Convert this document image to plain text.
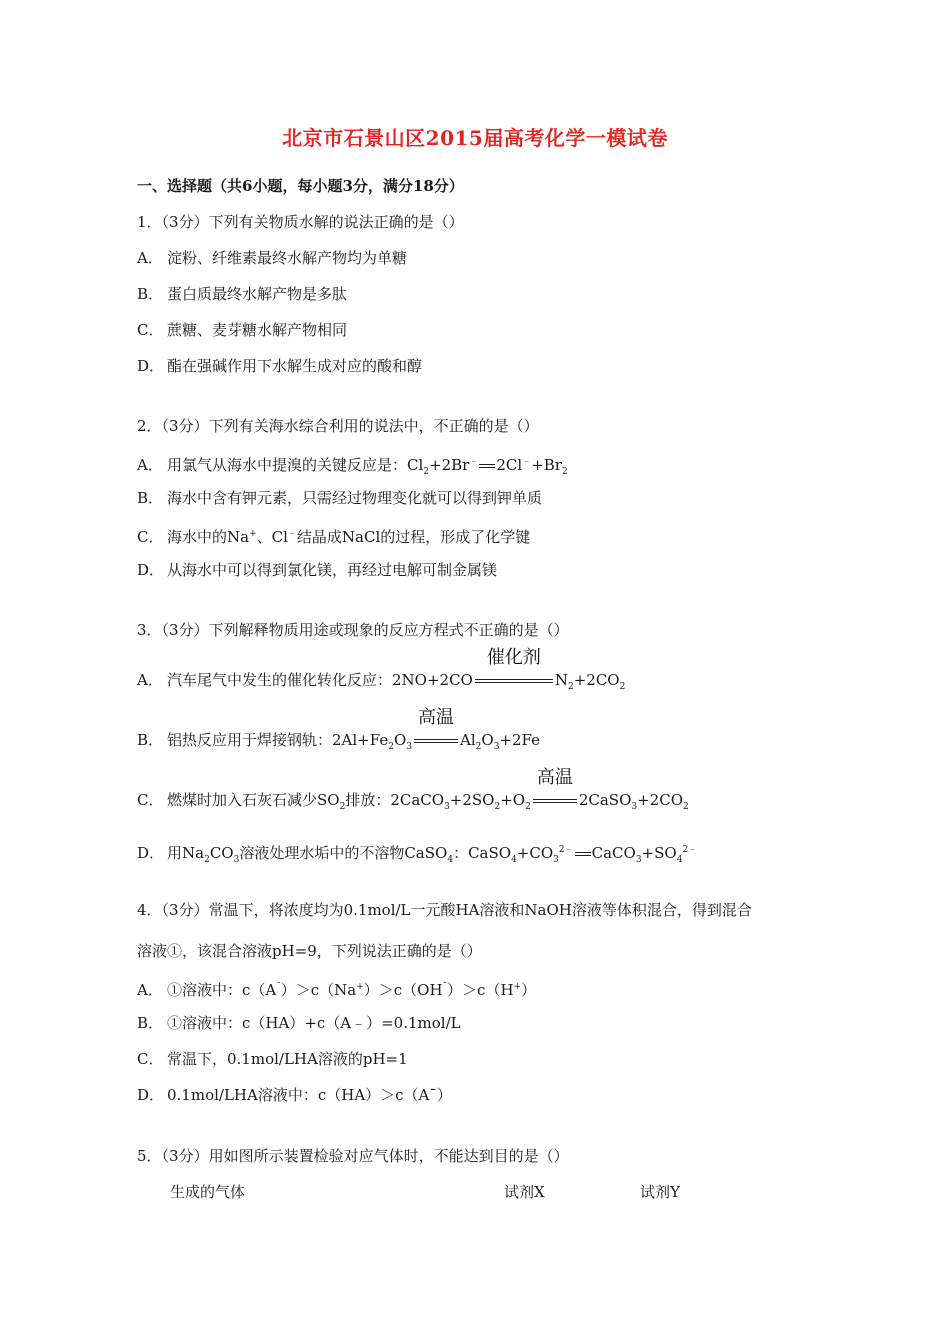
北京市石景山区2015届高考化学一模试卷
一、选择题（共6小题，每小题3分，满分18分）
1．（3分）下列有关物质水解的说法正确的是（）
A． 淀粉、纤维素最终水解产物均为单糖
B． 蛋白质最终水解产物是多肽
C． 蔗糖、麦芽糖水解产物相同
D． 酯在强碱作用下水解生成对应的酸和醇
2．（3分）下列有关海水综合利用的说法中，不正确的是（）
A． 用氯气从海水中提溴的关键反应是：$Cl_2+2Br^﹣$ $2Cl^﹣+Br_2$
B． 海水中含有钾元素，只需经过物理变化就可以得到钾单质
C． 海水中的Na+、Cl﹣结晶成NaCl的过程，形成了化学键
D． 从海水中可以得到氯化镁，再经过电解可制金属镁
3．（3分）下列解释物质用途或现象的反应方程式不正确的是（）
A． 汽车尾气中发生的催化转化反应：2NO+2CO
催化剂
$N_2+2CO_2$
B． 铝热反应用于焊接钢轨：$2Al+Fe_2O_3$
高温
$Al_2O_3+2Fe$
C． 燃煤时加入石灰石减少$SO_2$排放：$2CaCO_3+2SO_2+O_2$
高温
$2CaSO_3+2CO_2$
D． 用$Na_2CO_3$溶液处理水垢中的不溶物CaSO$_4$：$CaSO_4+CO_3^{2﹣}$ $CaCO_3+SO_4^{2﹣}$
4．（3分）常温下，将浓度均为0.1mol/L一元酸HA溶液和NaOH溶液等体积混合，得到混合
溶液①，该混合溶液pH=9，下列说法正确的是（）
A． ①溶液中：c（A¯）＞c（Na+）＞c（OH¯）＞c（H+）
B． ①溶液中：c（HA）+c（A﹣）=0.1mol/L
C． 常温下，0.1mol/LHA溶液的pH=1
D． 0.1mol/LHA溶液中：c（HA）＞c（A¯）
5．（3分）用如图所示装置检验对应气体时，不能达到目的是（）
生成的气体	试剂X	试剂Y
